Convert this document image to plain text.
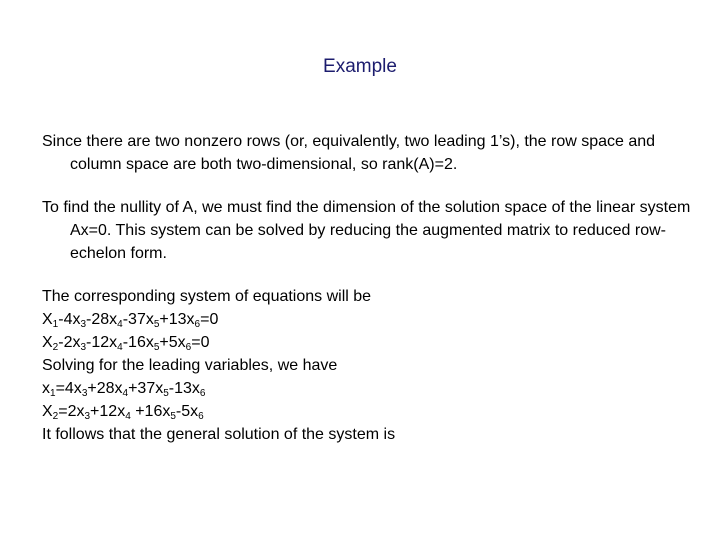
Example

Since there are two nonzero rows (or, equivalently, two leading 1’s), the row space and column space are both two-dimensional, so rank(A)=2.

To find the nullity of A, we must find the dimension of the solution space of the linear system Ax=0. This system can be solved by reducing the augmented matrix to reduced row-echelon form.

The corresponding system of equations will be

$X_1-4x_3-28x_4-37x_5+13x_6=0$

$X_2-2x_3-12x_4-16x_5+5x_6=0$

Solving for the leading variables, we have

$x_1=4x_3+28x_4+37x_5-13x_6$

$X_2=2x_3+12x_4 +16x_5-5x_6$

It follows that the general solution of the system is
